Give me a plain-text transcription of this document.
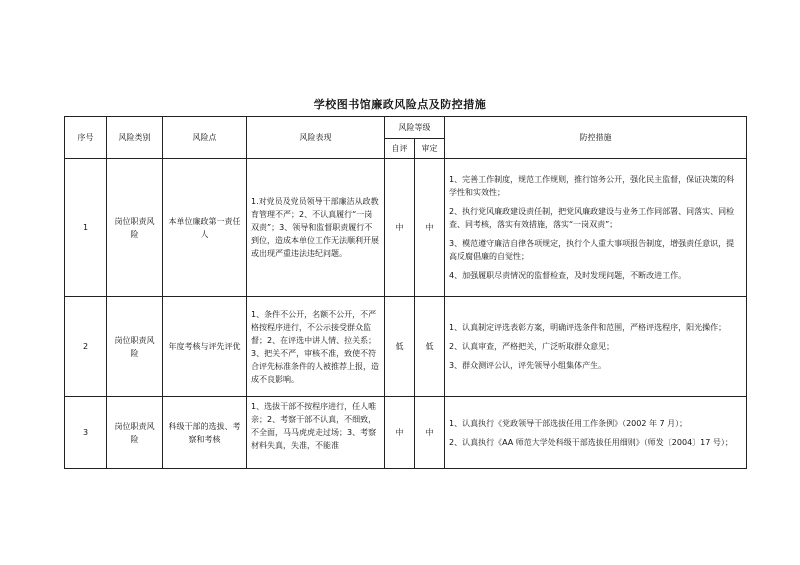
学校图书馆廉政风险点及防控措施
序号	风险类别	风险点	风险表现	风险等级		防控措施
				自评	审定	
1	岗位职责风险	本单位廉政第一责任人	1.对党员及党员领导干部廉洁从政教育管理不严；2、不认真履行“一岗双责”；3、领导和监督职责履行不到位，造成本单位工作无法顺利开展或出现严重违法违纪问题。	中	中	1、完善工作制度，规范工作规则，推行馆务公开，强化民主监督，保证决策的科学性和实效性；

2、执行党风廉政建设责任制，把党风廉政建设与业务工作同部署、同落实、同检查、同考核，落实有效措施，落实“一岗双责”；

3、模范遵守廉洁自律各项规定，执行个人重大事项报告制度，增强责任意识，提高反腐倡廉的自觉性；

4、加强履职尽责情况的监督检查，及时发现问题，不断改进工作。

2	岗位职责风险	年度考核与评先评优	1、条件不公开，名额不公开，不严格按程序进行，不公示接受群众监督；2、在评选中讲人情、拉关系；3、把关不严，审核不准，致使不符合评先标准条件的人被推荐上报，造成不良影响。	低	低	1、认真制定评选表彰方案，明确评选条件和范围，严格评选程序，阳光操作；

2、认真审查，严格把关，广泛听取群众意见；

3、群众测评公认，评先领导小组集体产生。

3	岗位职责风险	科级干部的选拔、考察和考核	1、选拔干部不按程序进行，任人唯亲；2、考察干部不认真，不细致，不全面，马马虎虎走过场；3、考察材料失真，失准，不能准	中	中	1、认真执行《党政领导干部选拔任用工作条例》（2002 年 7 月）；

2、认真执行《AA 师范大学处科级干部选拔任用细则》（师发〔2004〕17 号）；
